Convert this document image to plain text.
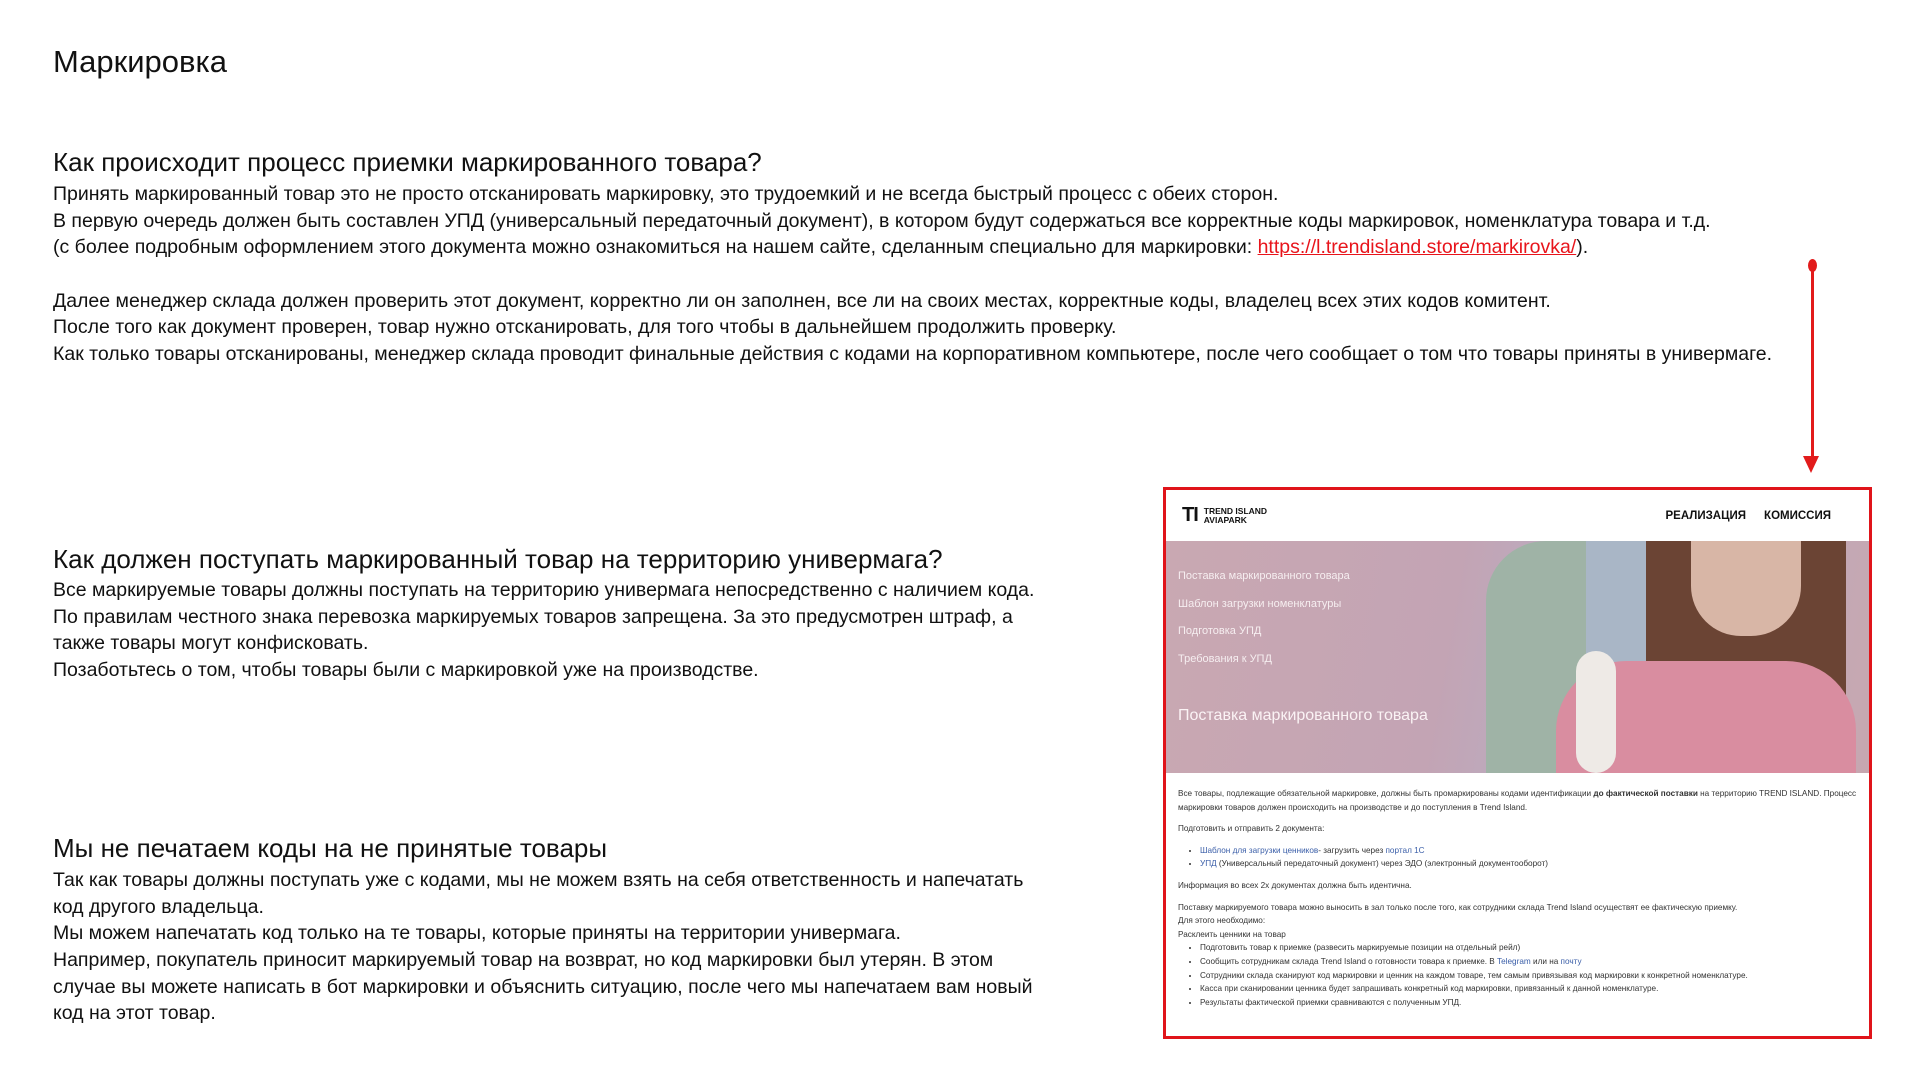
Маркировка
Как происходит процесс приемки маркированного товара?
Принять маркированный товар это не просто отсканировать маркировку, это трудоемкий и не всегда быстрый процесс с обеих сторон.
В первую очередь должен быть составлен УПД (универсальный передаточный документ), в котором будут содержаться все корректные коды маркировок, номенклатура товара и т.д.
(с более подробным оформлением этого документа можно ознакомиться на нашем сайте, сделанным специально для маркировки: https://l.trendisland.store/markirovka/).
Далее менеджер склада должен проверить этот документ, корректно ли он заполнен, все ли на своих местах, корректные коды, владелец всех этих кодов комитент.
После того как документ проверен, товар нужно отсканировать, для того чтобы в дальнейшем продолжить проверку.
Как только товары отсканированы, менеджер склада проводит финальные действия с кодами на корпоративном компьютере, после чего сообщает о том что товары приняты в универмаге.
Как должен поступать маркированный товар на территорию универмага?
Все маркируемые товары должны поступать на территорию универмага непосредственно с наличием кода.
По правилам честного знака перевозка маркируемых товаров запрещена. За это предусмотрен штраф, а
также товары могут конфисковать.
Позаботьтесь о том, чтобы товары были с маркировкой уже на производстве.
Мы не печатаем коды на не принятые товары
Так как товары должны поступать уже с кодами, мы не можем взять на себя ответственность и напечатать
код другого владельца.
Мы можем напечатать код только на те товары, которые приняты на территории универмага.
Например, покупатель приносит маркируемый товар на возврат, но код маркировки был утерян. В этом
случае вы можете написать в бот маркировки и объяснить ситуацию, после чего мы напечатаем вам новый
код на этот товар.
TI TREND ISLAND
AVIAPARK	РЕАЛИЗАЦИЯ КОМИССИЯ
Поставка маркированного товара
Шаблон загрузки номенклатуры
Подготовка УПД
Требования к УПД
Поставка маркированного товара
Все товары, подлежащие обязательной маркировке, должны быть промаркированы кодами идентификации до фактической поставки на территорию TREND ISLAND. Процесс маркировки товаров должен происходить на производстве и до поступления в Trend Island.
Подготовить и отправить 2 документа:
• Шаблон для загрузки ценников- загрузить через портал 1С
• УПД (Универсальный передаточный документ) через ЭДО (электронный документооборот)
Информация во всех 2х документах должна быть идентична.
Поставку маркируемого товара можно выносить в зал только после того, как сотрудники склада Trend Island осуществят ее фактическую приемку.
Для этого необходимо:
Расклеить ценники на товар
• Подготовить товар к приемке (развесить маркируемые позиции на отдельный рейл)
• Сообщить сотрудникам склада Trend Island о готовности товара к приемке. В Telegram или на почту
• Сотрудники склада сканируют код маркировки и ценник на каждом товаре, тем самым привязывая код маркировки к конкретной номенклатуре.
• Касса при сканировании ценника будет запрашивать конкретный код маркировки, привязанный к данной номенклатуре.
• Результаты фактической приемки сравниваются с полученным УПД.
